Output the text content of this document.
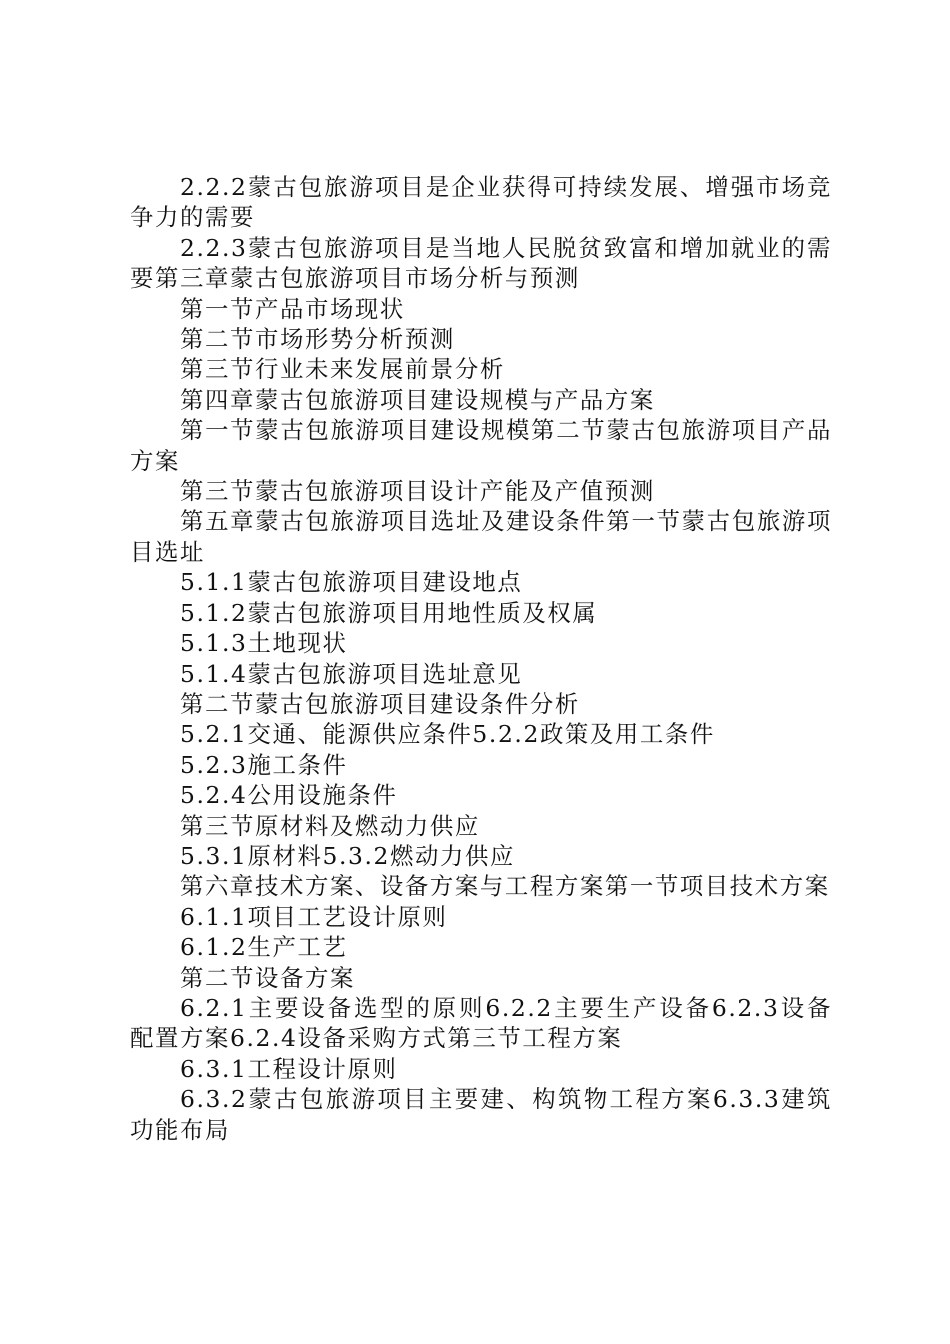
2.2.2蒙古包旅游项目是企业获得可持续发展、增强市场竞争力的需要

2.2.3蒙古包旅游项目是当地人民脱贫致富和增加就业的需要第三章蒙古包旅游项目市场分析与预测

第一节产品市场现状

第二节市场形势分析预测

第三节行业未来发展前景分析

第四章蒙古包旅游项目建设规模与产品方案

第一节蒙古包旅游项目建设规模第二节蒙古包旅游项目产品方案

第三节蒙古包旅游项目设计产能及产值预测

第五章蒙古包旅游项目选址及建设条件第一节蒙古包旅游项目选址

5.1.1蒙古包旅游项目建设地点

5.1.2蒙古包旅游项目用地性质及权属

5.1.3土地现状

5.1.4蒙古包旅游项目选址意见

第二节蒙古包旅游项目建设条件分析

5.2.1交通、能源供应条件5.2.2政策及用工条件

5.2.3施工条件

5.2.4公用设施条件

第三节原材料及燃动力供应

5.3.1原材料5.3.2燃动力供应

第六章技术方案、设备方案与工程方案第一节项目技术方案

6.1.1项目工艺设计原则

6.1.2生产工艺

第二节设备方案

6.2.1主要设备选型的原则6.2.2主要生产设备6.2.3设备配置方案6.2.4设备采购方式第三节工程方案

6.3.1工程设计原则

6.3.2蒙古包旅游项目主要建、构筑物工程方案6.3.3建筑功能布局
